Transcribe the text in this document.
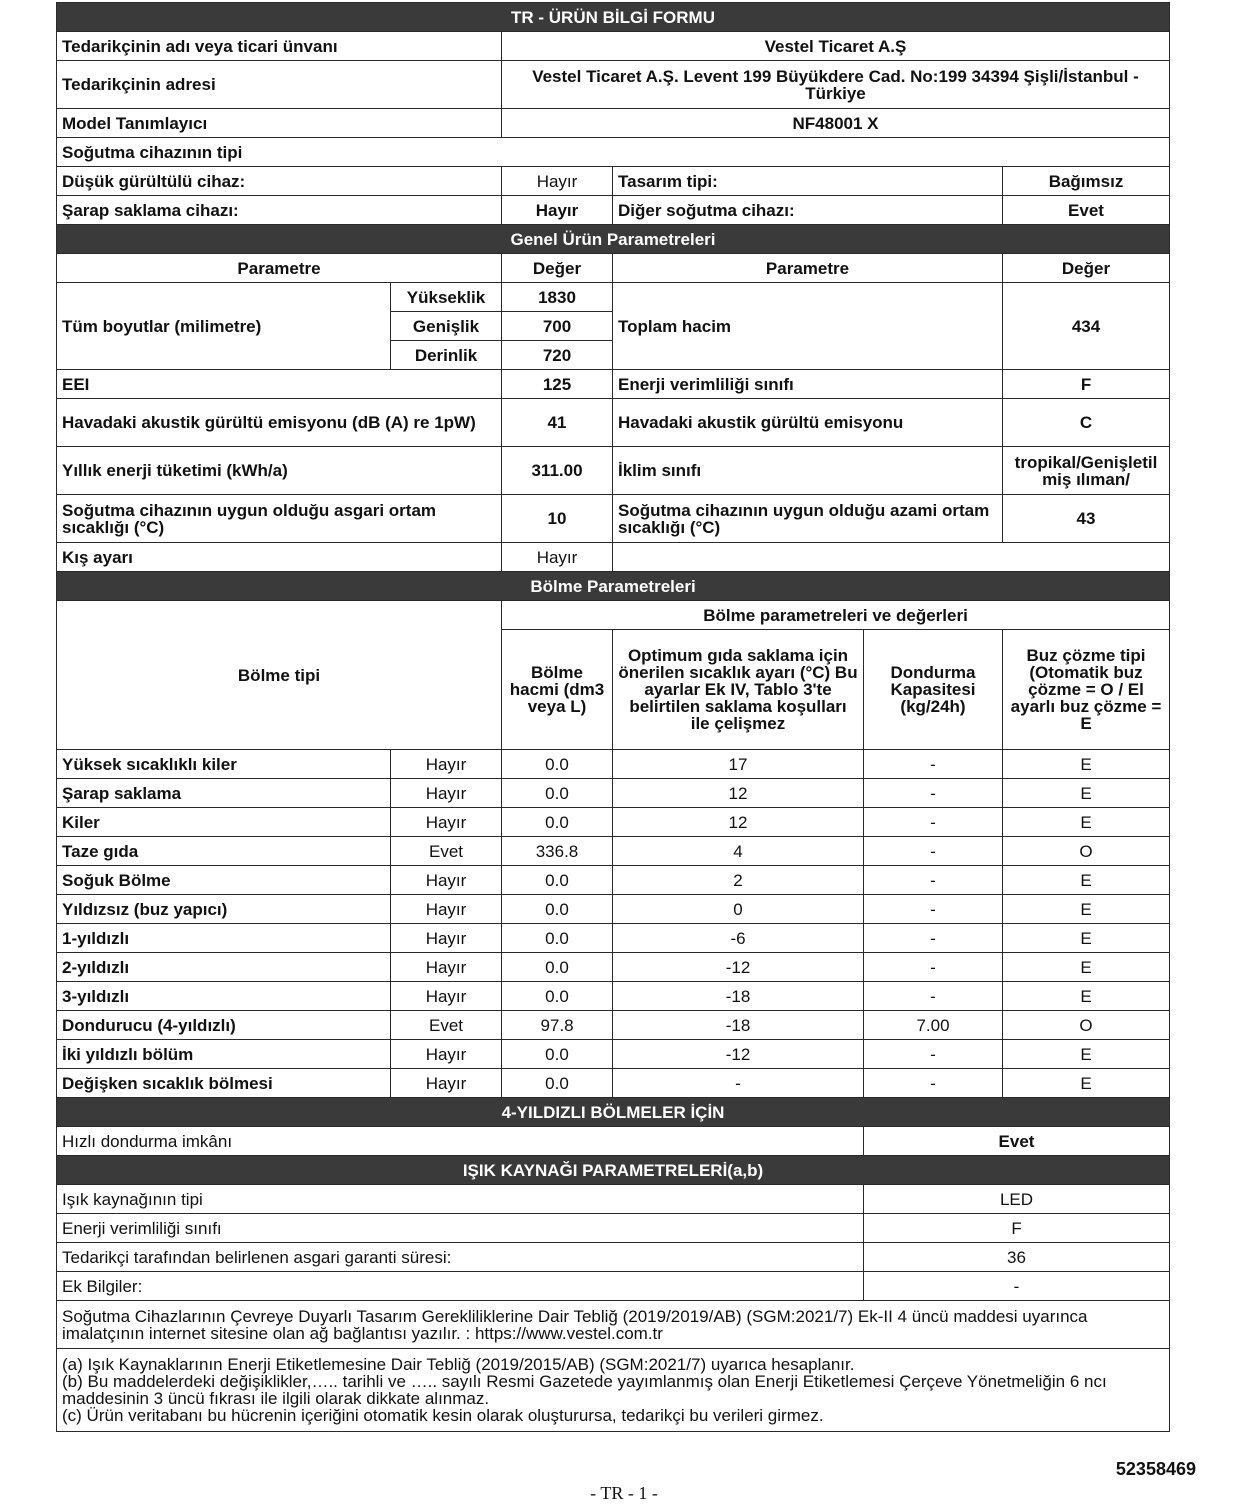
TR - ÜRÜN BİLGİ FORMU					
Tedarikçinin adı veya ticari ünvanı		Vestel Ticaret A.Ş			
Tedarikçinin adresi		Vestel Ticaret A.Ş. Levent 199 Büyükdere Cad. No:199 34394 Şişli/İstanbul - Türkiye			
Model Tanımlayıcı		NF48001 X			
Soğutma cihazının tipi					
Düşük gürültülü cihaz:		Hayır	Tasarım tipi:		Bağımsız
Şarap saklama cihazı:		Hayır	Diğer soğutma cihazı:		Evet
Genel Ürün Parametreleri					
Parametre		Değer	Parametre		Değer
Tüm boyutlar (milimetre)	Yükseklik	1830	Toplam hacim		434
	Genişlik	700			
	Derinlik	720			
EEI		125	Enerji verimliliği sınıfı		F
Havadaki akustik gürültü emisyonu (dB (A) re 1pW)		41	Havadaki akustik gürültü emisyonu		C
Yıllık enerji tüketimi (kWh/a)		311.00	İklim sınıfı		tropikal/Genişletilmiş ılıman/
Soğutma cihazının uygun olduğu asgari ortam sıcaklığı (°C)		10	Soğutma cihazının uygun olduğu azami ortam sıcaklığı (°C)		43
Kış ayarı		Hayır			
Bölme Parametreleri					
Bölme tipi		Bölme parametreleri ve değerleri			
		Bölme hacmi (dm3 veya L)	Optimum gıda saklama için önerilen sıcaklık ayarı (°C) Bu ayarlar Ek IV, Tablo 3'te belirtilen saklama koşulları ile çelişmez	Dondurma Kapasitesi (kg/24h)	Buz çözme tipi (Otomatik buz çözme = O / El ayarlı buz çözme = E
Yüksek sıcaklıklı kiler	Hayır	0.0	17	-	E
Şarap saklama	Hayır	0.0	12	-	E
Kiler	Hayır	0.0	12	-	E
Taze gıda	Evet	336.8	4	-	O
Soğuk Bölme	Hayır	0.0	2	-	E
Yıldızsız (buz yapıcı)	Hayır	0.0	0	-	E
1-yıldızlı	Hayır	0.0	-6	-	E
2-yıldızlı	Hayır	0.0	-12	-	E
3-yıldızlı	Hayır	0.0	-18	-	E
Dondurucu (4-yıldızlı)	Evet	97.8	-18	7.00	O
İki yıldızlı bölüm	Hayır	0.0	-12	-	E
Değişken sıcaklık bölmesi	Hayır	0.0	-	-	E
4-YILDIZLI BÖLMELER İÇİN					
Hızlı dondurma imkânı				Evet	
IŞIK KAYNAĞI PARAMETRELERİ(a,b)					
Işık kaynağının tipi				LED	
Enerji verimliliği sınıfı				F	
Tedarikçi tarafından belirlenen asgari garanti süresi:				36	
Ek Bilgiler:				-	
Soğutma Cihazlarının Çevreye Duyarlı Tasarım Gerekliliklerine Dair Tebliğ (2019/2019/AB) (SGM:2021/7) Ek-II 4 üncü maddesi uyarınca imalatçının internet sitesine olan ağ bağlantısı yazılır. : https://www.vestel.com.tr					

(a) Işık Kaynaklarının Enerji Etiketlemesine Dair Tebliğ (2019/2015/AB) (SGM:2021/7) uyarıca hesaplanır.
(b) Bu maddelerdeki değişiklikler,….. tarihli ve ….. sayılı Resmi Gazetede yayımlanmış olan Enerji Etiketlemesi Çerçeve Yönetmeliğin 6 ncı maddesinin 3 üncü fıkrası ile ilgili olarak dikkate alınmaz.
(c) Ürün veritabanı bu hücrenin içeriğini otomatik kesin olarak oluşturursa, tedarikçi bu verileri girmez.					
52358469
- TR - 1 -
